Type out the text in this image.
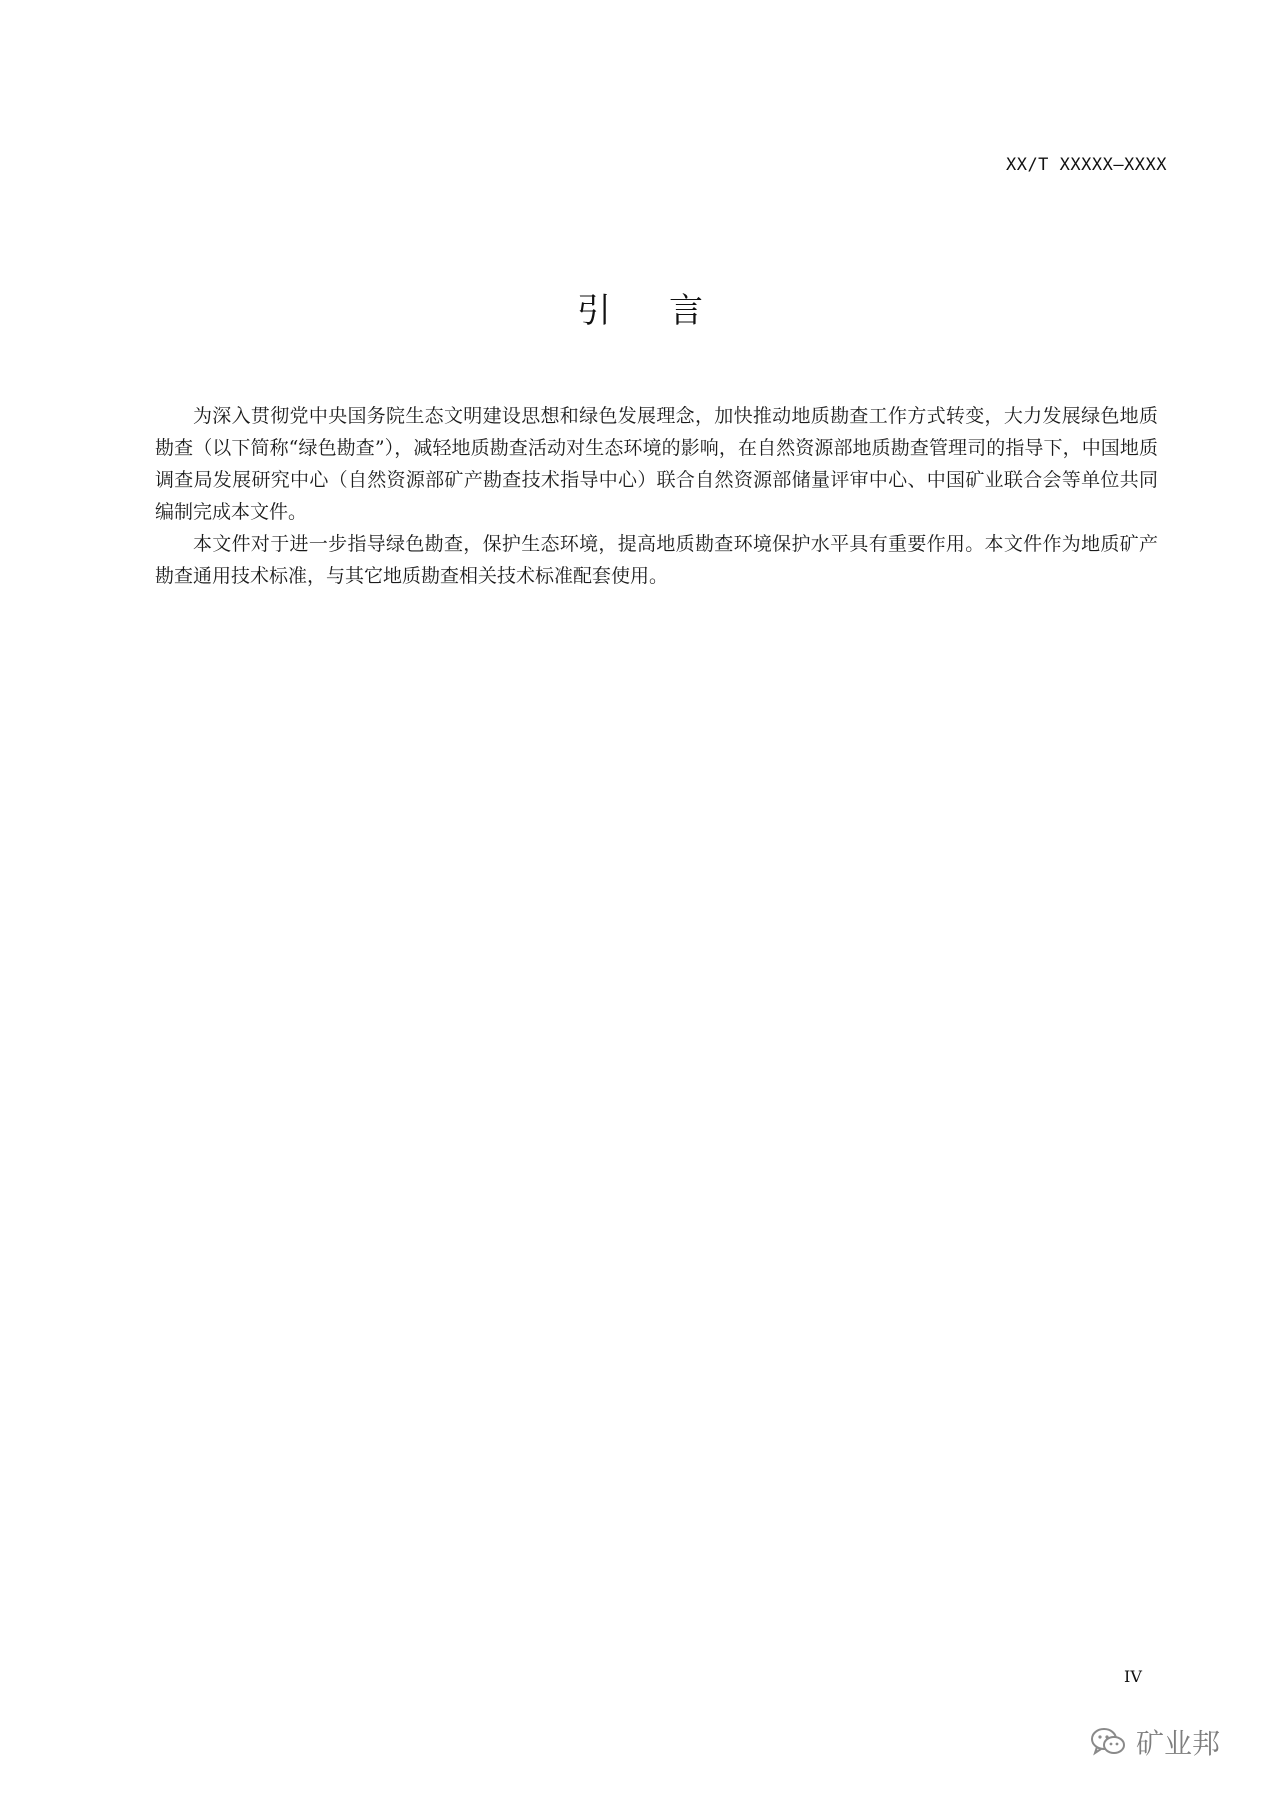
XX/T XXXXX—XXXX
引 言

为深入贯彻党中央国务院生态文明建设思想和绿色发展理念，加快推动地质勘查工作方式转变，大力发展绿色地质勘查（以下简称“绿色勘查”），减轻地质勘查活动对生态环境的影响，在自然资源部地质勘查管理司的指导下，中国地质调查局发展研究中心（自然资源部矿产勘查技术指导中心）联合自然资源部储量评审中心、中国矿业联合会等单位共同编制完成本文件。

本文件对于进一步指导绿色勘查，保护生态环境，提高地质勘查环境保护水平具有重要作用。本文件作为地质矿产勘查通用技术标准，与其它地质勘查相关技术标准配套使用。

IV
矿业邦
